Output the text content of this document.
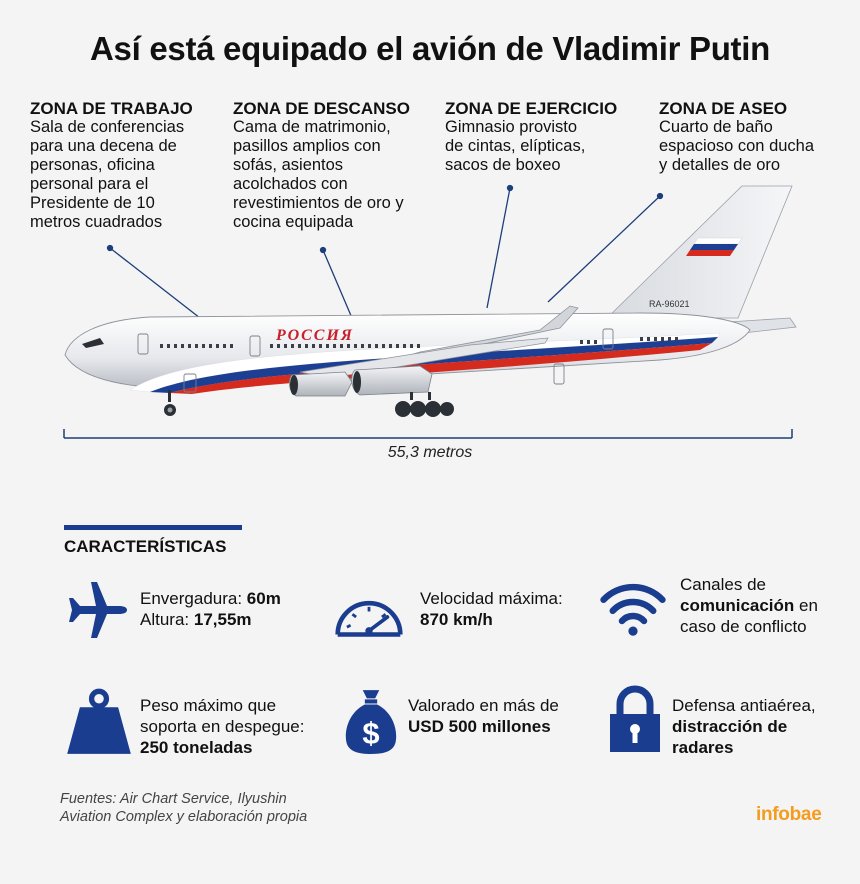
Así está equipado el avión de Vladimir Putin
ZONA DE TRABAJO
Sala de conferencias
para una decena de
personas, oficina
personal para el
Presidente de 10
metros cuadrados
ZONA DE DESCANSO
Cama de matrimonio,
pasillos amplios con
sofás, asientos
acolchados con
revestimientos de oro y
cocina equipada
ZONA DE EJERCICIO
Gimnasio provisto
de cintas, elípticas,
sacos de boxeo
ZONA DE ASEO
Cuarto de baño
espacioso con ducha
y detalles de oro
RA-96021
РОССИЯ
55,3 metros
CARACTERÍSTICAS
Envergadura: 60m
Altura: 17,55m
Velocidad máxima:
870 km/h
Canales de
comunicación en
caso de conflicto
Peso máximo que
soporta en despegue:
250 toneladas	$
Valorado en más de
USD 500 millones
Defensa antiaérea,
distracción de
radares
Fuentes: Air Chart Service, Ilyushin
Aviation Complex y elaboración propia	infobae
